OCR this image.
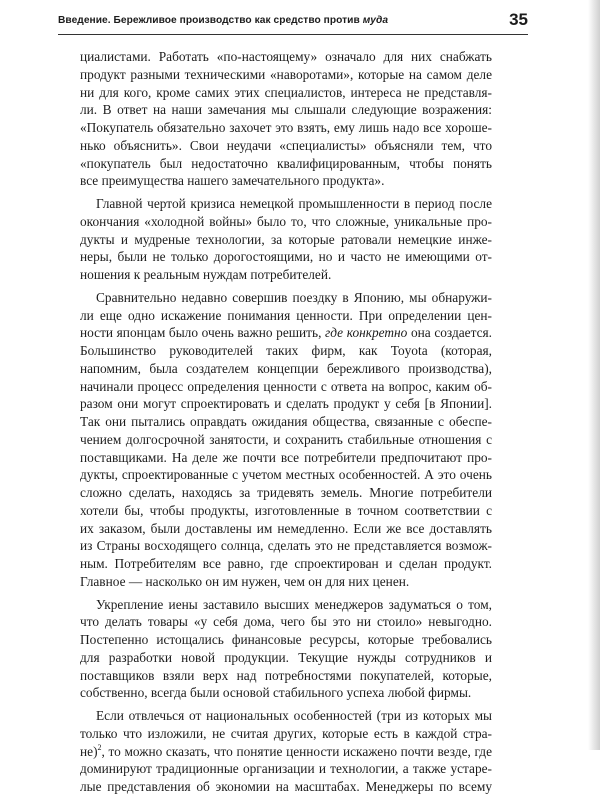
Введение. Бережливое производство как средство против муда	35
циалистами. Работать «по-настоящему» означало для них снабжать
продукт разными техническими «наворотами», которые на самом деле
ни для кого, кроме самих этих специалистов, интереса не представля-
ли. В ответ на наши замечания мы слышали следующие возражения:
«Покупатель обязательно захочет это взять, ему лишь надо все хороше-
нько объяснить». Свои неудачи «специалисты» объясняли тем, что
«покупатель был недостаточно квалифицированным, чтобы понять
все преимущества нашего замечательного продукта».
Главной чертой кризиса немецкой промышленности в период после
окончания «холодной войны» было то, что сложные, уникальные про-
дукты и мудреные технологии, за которые ратовали немецкие инже-
неры, были не только дорогостоящими, но и часто не имеющими от-
ношения к реальным нуждам потребителей.
Сравнительно недавно совершив поездку в Японию, мы обнаружи-
ли еще одно искажение понимания ценности. При определении цен-
ности японцам было очень важно решить, где конкретно она создается.
Большинство руководителей таких фирм, как Toyota (которая,
напомним, была создателем концепции бережливого производства),
начинали процесс определения ценности с ответа на вопрос, каким об-
разом они могут спроектировать и сделать продукт у себя [в Японии].
Так они пытались оправдать ожидания общества, связанные с обеспе-
чением долгосрочной занятости, и сохранить стабильные отношения с
поставщиками. На деле же почти все потребители предпочитают про-
дукты, спроектированные с учетом местных особенностей. А это очень
сложно сделать, находясь за тридевять земель. Многие потребители
хотели бы, чтобы продукты, изготовленные в точном соответствии с
их заказом, были доставлены им немедленно. Если же все доставлять
из Страны восходящего солнца, сделать это не представляется возмож-
ным. Потребителям все равно, где спроектирован и сделан продукт.
Главное — насколько он им нужен, чем он для них ценен.
Укрепление иены заставило высших менеджеров задуматься о том,
что делать товары «у себя дома, чего бы это ни стоило» невыгодно.
Постепенно истощались финансовые ресурсы, которые требовались
для разработки новой продукции. Текущие нужды сотрудников и
поставщиков взяли верх над потребностями покупателей, которые,
собственно, всегда были основой стабильного успеха любой фирмы.
Если отвлечься от национальных особенностей (три из которых мы
только что изложили, не считая других, которые есть в каждой стра-
не)$^2$, то можно сказать, что понятие ценности искажено почти везде, где
доминируют традиционные организации и технологии, а также устаре-
лые представления об экономии на масштабах. Менеджеры по всему
